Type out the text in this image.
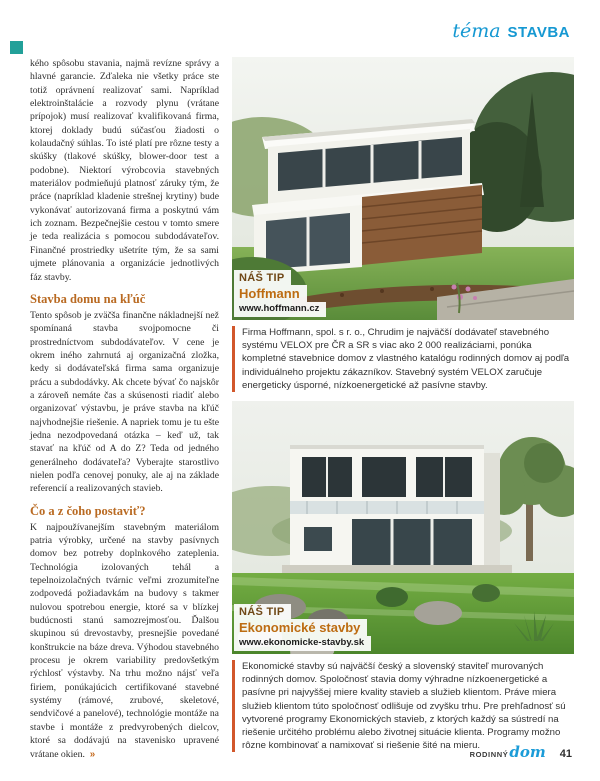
téma STAVBA

kého spôsobu stavania, najmä revízne správy a hlavné garancie. Zďaleka nie všetky práce ste totiž oprávnení realizovať sami. Napríklad elektroinštalácie a rozvody plynu (vrátane prípojok) musí realizovať kvalifikovaná firma, ktorej doklady budú súčasťou žiadosti o kolaudačný súhlas. To isté platí pre rôzne testy a skúšky (tlakové skúšky, blower-door test a podobne). Niektorí výrobcovia stavebných materiálov podmieňujú platnosť záruky tým, že práce (napríklad kladenie strešnej krytiny) bude vykonávať autorizovaná firma a poskytnú vám ich zoznam. Bezpečnejšie cestou v tomto smere je teda realizácia s pomocou subdodávateľov. Finančné prostriedky ušetríte tým, že sa sami ujmete plánovania a organizácie jednotlivých fáz stavby.

Stavba domu na kľúč

Tento spôsob je zväčša finančne nákladnejší než spomínaná stavba svojpomocne či prostredníctvom subdodávateľov. V cene je okrem iného zahrnutá aj organizačná zložka, kedy si dodávateľská firma sama organizuje prácu a subdodávky. Ak chcete bývať čo najskôr a zároveň nemáte čas a skúsenosti riadiť alebo organizovať výstavbu, je práve stavba na kľúč najvhodnejšie riešenie. A napriek tomu je tu ešte jedna nezodpovedaná otázka – keď už, tak stavať na kľúč od A do Z? Teda od jedného generálneho dodávateľa? Vyberajte starostlivo nielen podľa cenovej ponuky, ale aj na základe referencií a realizovaných stavieb.

Čo a z čoho postaviť?

K najpoužívanejším stavebným materiálom patria výrobky, určené na stavby pasívnych domov bez potreby doplnkového zateplenia. Technológia izolovaných tehál a tepelnoizolačných tvárnic veľmi zrozumiteľne zodpovedá požiadavkám na budovy s takmer nulovou spotrebou energie, ktoré sa v blízkej budúcnosti stanú samozrejmosťou. Ďalšou skupinou sú drevostavby, presnejšie povedané konštrukcie na báze dreva. Výhodou stavebného procesu je okrem variability predovšetkým rýchlosť výstavby. Na trhu možno nájsť veľa firiem, ponúkajúcich certifikované stavebné systémy (rámové, zrubové, skeletové, sendvičové a panelové), technológie montáže na stavbe i montáže z predvyrobených dielcov, ktoré sa dodávajú na stavenisko upravené vrátane okien. »

NÁŠ TIP
Hoffmann
www.hoffmann.cz

Firma Hoffmann, spol. s r. o., Chrudim je najväčší dodávateľ stavebného systému VELOX pre ČR a SR s viac ako 2 000 realizáciami, ponúka kompletné stavebnice domov z vlastného katalógu rodinných domov aj podľa individuálneho projektu zákazníkov. Stavebný systém VELOX zaručuje energeticky úsporné, nízkoenergetické až pasívne stavby.

NÁŠ TIP
Ekonomické stavby
www.ekonomicke-stavby.sk

Ekonomické stavby sú najväčší český a slovenský staviteľ murovaných rodinných domov. Spoločnosť stavia domy výhradne nízkoenergetické a pasívne pri najvyššej miere kvality stavieb a služieb klientom. Práve miera služieb klientom túto spoločnosť odlišuje od zvyšku trhu. Pre prehľadnosť sú vytvorené programy Ekonomických stavieb, z ktorých každý sa sústredí na riešenie určitého problému alebo životnej situácie klienta. Programy možno rôzne kombinovať a namixovať si riešenie šité na mieru.

RODINNÝ dom 41
